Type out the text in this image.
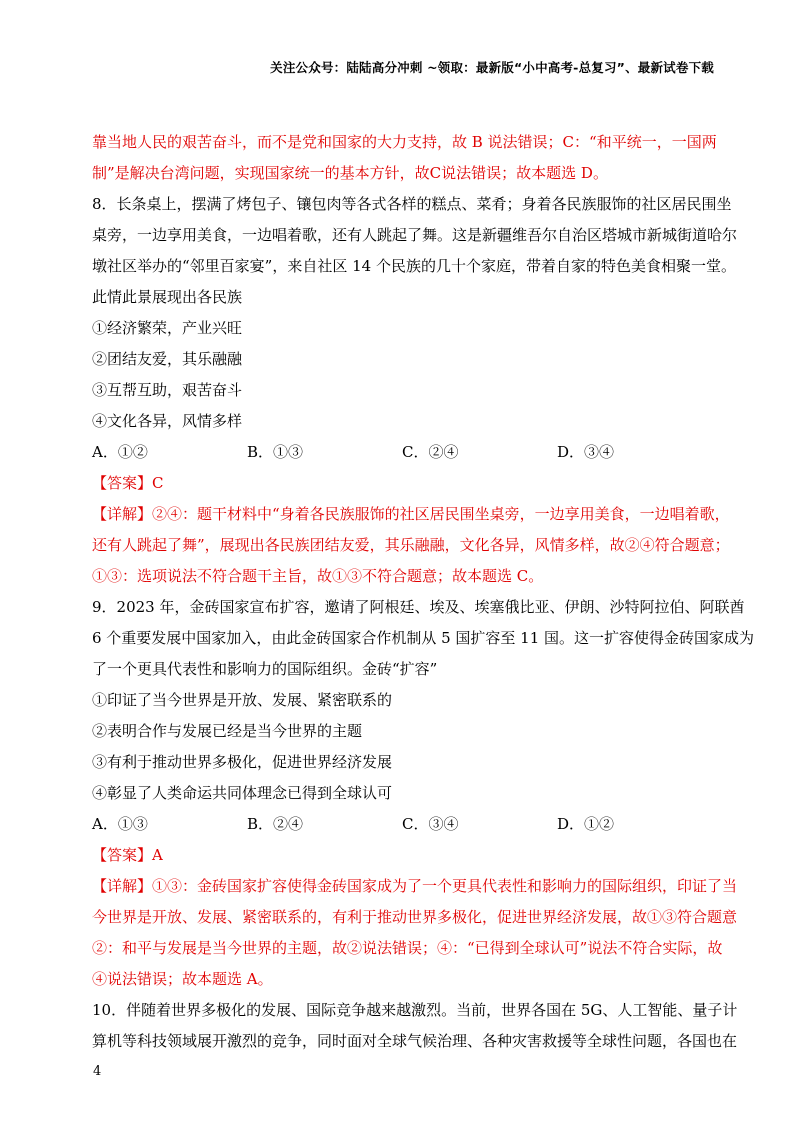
关注公众号：陆陆高分冲刺 ~领取：最新版“小中高考-总复习”、最新试卷下载
靠当地人民的艰苦奋斗，而不是党和国家的大力支持，故 B 说法错误；C：“和平统一，一国两
制”是解决台湾问题，实现国家统一的基本方针，故C说法错误；故本题选 D。
8．长条桌上，摆满了烤包子、镶包肉等各式各样的糕点、菜肴；身着各民族服饰的社区居民围坐
桌旁，一边享用美食，一边唱着歌，还有人跳起了舞。这是新疆维吾尔自治区塔城市新城街道哈尔
墩社区举办的“邻里百家宴”，来自社区 14 个民族的几十个家庭，带着自家的特色美食相聚一堂。
此情此景展现出各民族
①经济繁荣，产业兴旺
②团结友爱，其乐融融
③互帮互助，艰苦奋斗
④文化各异，风情多样
A．①②	B．①③	C．②④	D．③④
【答案】C
【详解】②④：题干材料中“身着各民族服饰的社区居民围坐桌旁，一边享用美食，一边唱着歌，
还有人跳起了舞”，展现出各民族团结友爱，其乐融融，文化各异，风情多样，故②④符合题意；
①③：选项说法不符合题干主旨，故①③不符合题意；故本题选 C。
9．2023 年，金砖国家宣布扩容，邀请了阿根廷、埃及、埃塞俄比亚、伊朗、沙特阿拉伯、阿联酋
6 个重要发展中国家加入，由此金砖国家合作机制从 5 国扩容至 11 国。这一扩容使得金砖国家成为
了一个更具代表性和影响力的国际组织。金砖“扩容”
①印证了当今世界是开放、发展、紧密联系的
②表明合作与发展已经是当今世界的主题
③有利于推动世界多极化，促进世界经济发展
④彰显了人类命运共同体理念已得到全球认可
A．①③	B．②④	C．③④	D．①②
【答案】A
【详解】①③：金砖国家扩容使得金砖国家成为了一个更具代表性和影响力的国际组织，印证了当
今世界是开放、发展、紧密联系的，有利于推动世界多极化，促进世界经济发展，故①③符合题意
②：和平与发展是当今世界的主题，故②说法错误；④：“已得到全球认可”说法不符合实际，故
④说法错误；故本题选 A。
10．伴随着世界多极化的发展、国际竞争越来越激烈。当前，世界各国在 5G、人工智能、量子计
算机等科技领域展开激烈的竞争，同时面对全球气候治理、各种灾害救援等全球性问题，各国也在
4
